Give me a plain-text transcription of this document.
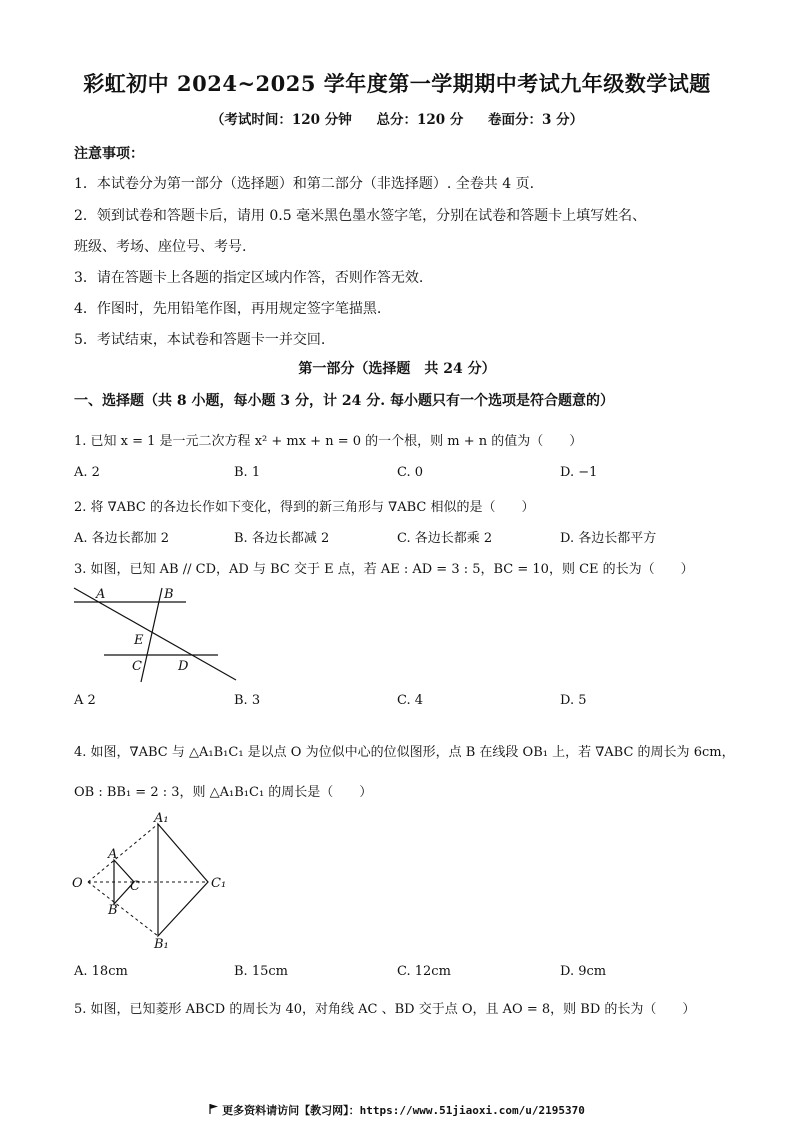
彩虹初中 2024~2025 学年度第一学期期中考试九年级数学试题
（考试时间：120 分钟 总分：120 分 卷面分：3 分）
注意事项：
1．本试卷分为第一部分（选择题）和第二部分（非选择题）. 全卷共 4 页.
2．领到试卷和答题卡后，请用 0.5 毫米黑色墨水签字笔，分别在试卷和答题卡上填写姓名、
班级、考场、座位号、考号.
3．请在答题卡上各题的指定区域内作答，否则作答无效.
4．作图时，先用铅笔作图，再用规定签字笔描黑.
5．考试结束，本试卷和答题卡一并交回.
第一部分（选择题　共 24 分）
一、选择题（共 8 小题，每小题 3 分，计 24 分. 每小题只有一个选项是符合题意的）
1. 已知 x = 1 是一元二次方程 x² + mx + n = 0 的一个根，则 m + n 的值为（　　）
A. 2	B. 1	C. 0	D. −1
2. 将 ∇ABC 的各边长作如下变化，得到的新三角形与 ∇ABC 相似的是（　　）
A. 各边长都加 2	B. 各边长都减 2	C. 各边长都乘 2	D. 各边长都平方
3. 如图，已知 AB // CD，AD 与 BC 交于 E 点，若 AE : AD = 3 : 5，BC = 10，则 CE 的长为（　　）
A	B
E
C	D
A 2	B. 3	C. 4	D. 5
4. 如图，∇ABC 与 △A₁B₁C₁ 是以点 O 为位似中心的位似图形，点 B 在线段 OB₁ 上，若 ∇ABC 的周长为 6cm，
OB : BB₁ = 2 : 3，则 △A₁B₁C₁ 的周长是（　　）
A₁
A
O	C	C₁
B
B₁
A. 18cm	B. 15cm	C. 12cm	D. 9cm
5. 如图，已知菱形 ABCD 的周长为 40，对角线 AC 、BD 交于点 O，且 AO = 8，则 BD 的长为（　　）
更多资料请访问【教习网】：https://www.51jiaoxi.com/u/2195370
